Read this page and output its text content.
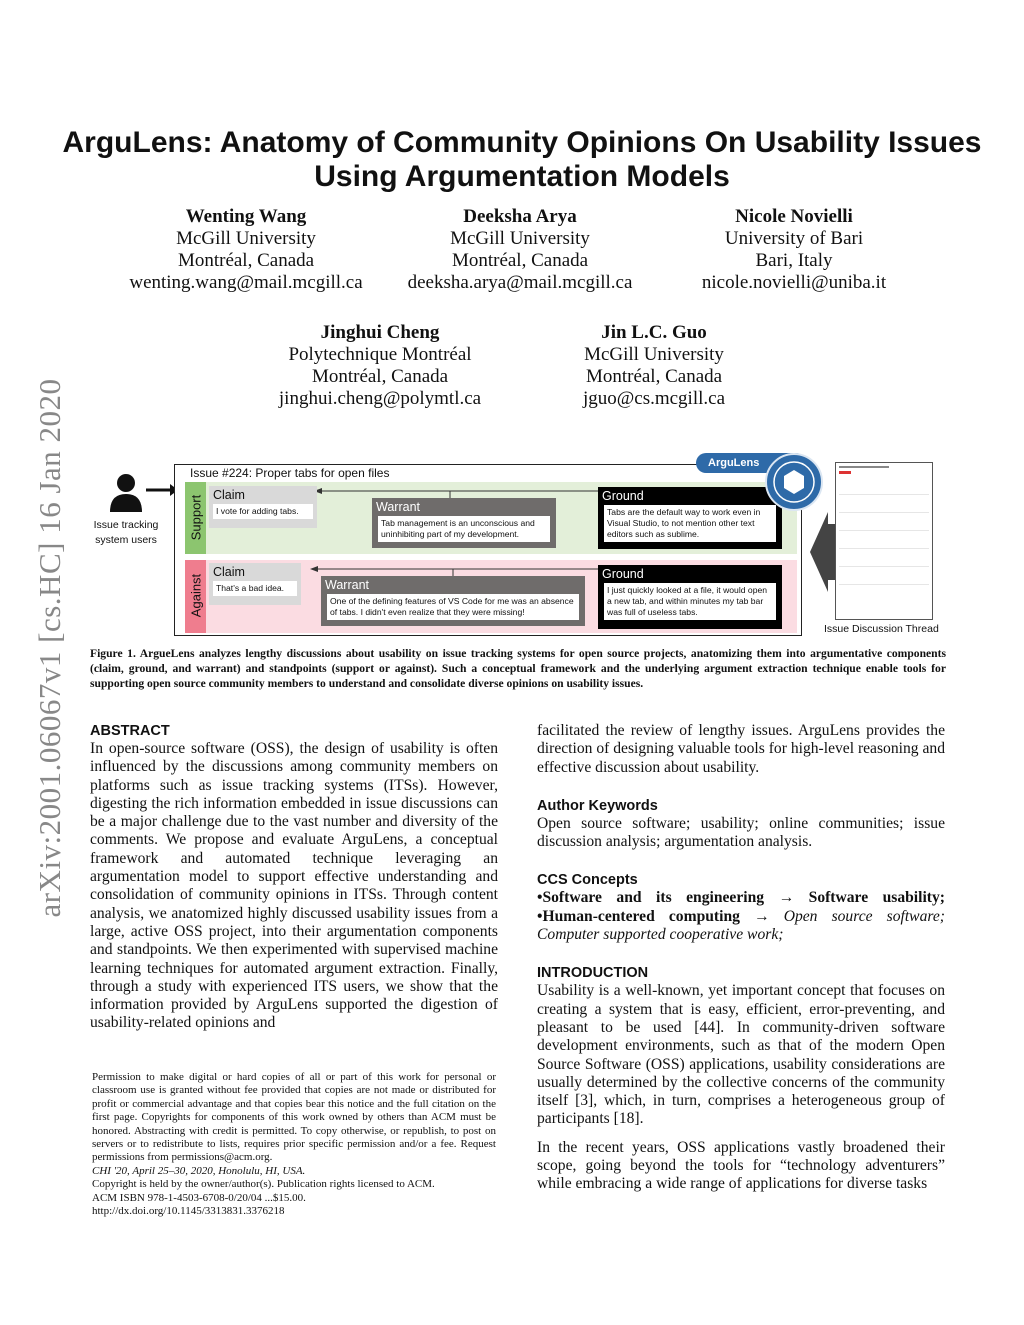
arXiv:2001.06067v1 [cs.HC] 16 Jan 2020
ArguLens: Anatomy of Community Opinions On Usability Issues Using Argumentation Models
Wenting Wang
McGill University
Montréal, Canada
wenting.wang@mail.mcgill.ca
Deeksha Arya
McGill University
Montréal, Canada
deeksha.arya@mail.mcgill.ca
Nicole Novielli
University of Bari
Bari, Italy
nicole.novielli@uniba.it
Jinghui Cheng
Polytechnique Montréal
Montréal, Canada
jinghui.cheng@polymtl.ca
Jin L.C. Guo
McGill University
Montréal, Canada
jguo@cs.mcgill.ca
Issue tracking system users
Issue #224: Proper tabs for open files
Support
Against
Claim
I vote for adding tabs.	Warrant
Tab management is an unconscious and uninhibiting part of my development.
Ground
Tabs are the default way to work even in Visual Studio, to not mention other text editors such as sublime.
Claim
That's a bad idea.	Warrant
One of the defining features of VS Code for me was an absence of tabs. I didn't even realize that they were missing!
Ground
I just quickly looked at a file, it would open a new tab, and within minutes my tab bar was full of useless tabs.
ArguLens
Issue Discussion Thread
Figure 1. ArgueLens analyzes lengthy discussions about usability on issue tracking systems for open source projects, anatomizing them into argumentative components (claim, ground, and warrant) and standpoints (support or against). Such a conceptual framework and the underlying argument extraction technique enable tools for supporting open source community members to understand and consolidate diverse opinions on usability issues.
ABSTRACT

In open-source software (OSS), the design of usability is often influenced by the discussions among community members on platforms such as issue tracking systems (ITSs). However, digesting the rich information embedded in issue discussions can be a major challenge due to the vast number and diversity of the comments. We propose and evaluate ArguLens, a conceptual framework and automated technique leveraging an argumentation model to support effective understanding and consolidation of community opinions in ITSs. Through content analysis, we anatomized highly discussed usability issues from a large, active OSS project, into their argumentation components and standpoints. We then experimented with supervised machine learning techniques for automated argument extraction. Finally, through a study with experienced ITS users, we show that the information provided by ArguLens supported the digestion of usability-related opinions and

Permission to make digital or hard copies of all or part of this work for personal or classroom use is granted without fee provided that copies are not made or distributed for profit or commercial advantage and that copies bear this notice and the full citation on the first page. Copyrights for components of this work owned by others than ACM must be honored. Abstracting with credit is permitted. To copy otherwise, or republish, to post on servers or to redistribute to lists, requires prior specific permission and/or a fee. Request permissions from permissions@acm.org.
CHI '20, April 25–30, 2020, Honolulu, HI, USA.
Copyright is held by the owner/author(s). Publication rights licensed to ACM.
ACM ISBN 978-1-4503-6708-0/20/04 ...$15.00.
http://dx.doi.org/10.1145/3313831.3376218

facilitated the review of lengthy issues. ArguLens provides the direction of designing valuable tools for high-level reasoning and effective discussion about usability.

Author Keywords

Open source software; usability; online communities; issue discussion analysis; argumentation analysis.

CCS Concepts

•Software and its engineering → Software usability; •Human-centered computing → Open source software; Computer supported cooperative work;

INTRODUCTION

Usability is a well-known, yet important concept that focuses on creating a system that is easy, efficient, error-preventing, and pleasant to be used [44]. In community-driven software development environments, such as that of the modern Open Source Software (OSS) applications, usability considerations are usually determined by the collective concerns of the community itself [3], which, in turn, comprises a heterogeneous group of participants [18].

In the recent years, OSS applications vastly broadened their scope, going beyond the tools for “technology adventurers” while embracing a wide range of applications for diverse tasks
